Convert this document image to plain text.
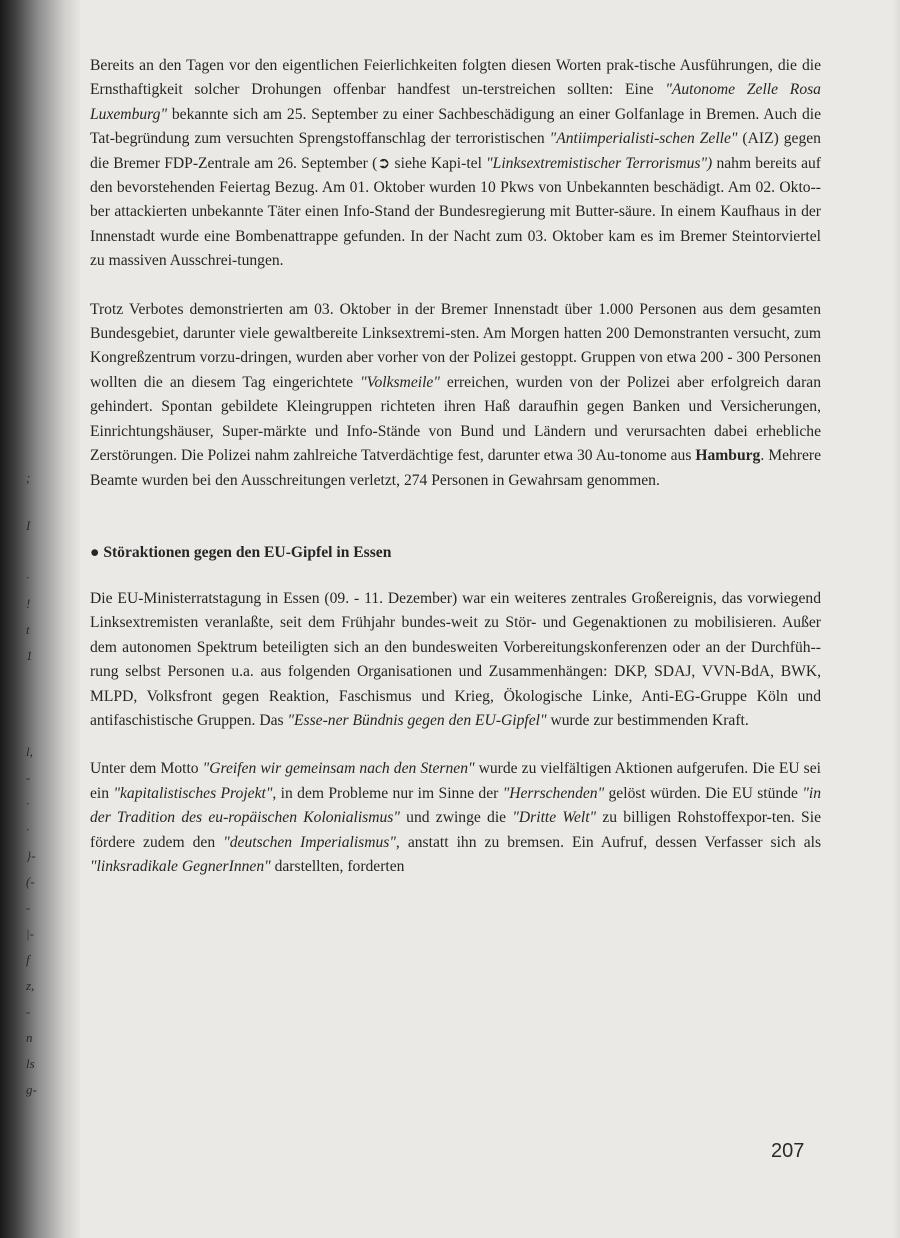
;
I
·
!
t
1
l,
-
·
·
}-
(-
-
|-
f
z,
-
n
ls
g-

Bereits an den Tagen vor den eigentlichen Feierlichkeiten folgten diesen Worten prak-tische Ausführungen, die die Ernsthaftigkeit solcher Drohungen offenbar handfest un-terstreichen sollten: Eine "Autonome Zelle Rosa Luxemburg" bekannte sich am 25. September zu einer Sachbeschädigung an einer Golfanlage in Bremen. Auch die Tat-begründung zum versuchten Sprengstoffanschlag der terroristischen "Antiimperialisti-schen Zelle" (AIZ) gegen die Bremer FDP-Zentrale am 26. September (➲ siehe Kapi-tel "Linksextremistischer Terrorismus") nahm bereits auf den bevorstehenden Feiertag Bezug. Am 01. Oktober wurden 10 Pkws von Unbekannten beschädigt. Am 02. Okto-ber attackierten unbekannte Täter einen Info-Stand der Bundesregierung mit Butter-säure. In einem Kaufhaus in der Innenstadt wurde eine Bombenattrappe gefunden. In der Nacht zum 03. Oktober kam es im Bremer Steintorviertel zu massiven Ausschrei-tungen.

Trotz Verbotes demonstrierten am 03. Oktober in der Bremer Innenstadt über 1.000 Personen aus dem gesamten Bundesgebiet, darunter viele gewaltbereite Linksextremi-sten. Am Morgen hatten 200 Demonstranten versucht, zum Kongreßzentrum vorzu-dringen, wurden aber vorher von der Polizei gestoppt. Gruppen von etwa 200 - 300 Personen wollten die an diesem Tag eingerichtete "Volksmeile" erreichen, wurden von der Polizei aber erfolgreich daran gehindert. Spontan gebildete Kleingruppen richteten ihren Haß daraufhin gegen Banken und Versicherungen, Einrichtungshäuser, Super-märkte und Info-Stände von Bund und Ländern und verursachten dabei erhebliche Zerstörungen. Die Polizei nahm zahlreiche Tatverdächtige fest, darunter etwa 30 Au-tonome aus Hamburg. Mehrere Beamte wurden bei den Ausschreitungen verletzt, 274 Personen in Gewahrsam genommen.

● Störaktionen gegen den EU-Gipfel in Essen

Die EU-Ministerratstagung in Essen (09. - 11. Dezember) war ein weiteres zentrales Großereignis, das vorwiegend Linksextremisten veranlaßte, seit dem Frühjahr bundes-weit zu Stör- und Gegenaktionen zu mobilisieren. Außer dem autonomen Spektrum beteiligten sich an den bundesweiten Vorbereitungskonferenzen oder an der Durchfüh-rung selbst Personen u.a. aus folgenden Organisationen und Zusammenhängen: DKP, SDAJ, VVN-BdA, BWK, MLPD, Volksfront gegen Reaktion, Faschismus und Krieg, Ökologische Linke, Anti-EG-Gruppe Köln und antifaschistische Gruppen. Das "Esse-ner Bündnis gegen den EU-Gipfel" wurde zur bestimmenden Kraft.

Unter dem Motto "Greifen wir gemeinsam nach den Sternen" wurde zu vielfältigen Aktionen aufgerufen. Die EU sei ein "kapitalistisches Projekt", in dem Probleme nur im Sinne der "Herrschenden" gelöst würden. Die EU stünde "in der Tradition des eu-ropäischen Kolonialismus" und zwinge die "Dritte Welt" zu billigen Rohstoffexpor-ten. Sie fördere zudem den "deutschen Imperialismus", anstatt ihn zu bremsen. Ein Aufruf, dessen Verfasser sich als "linksradikale GegnerInnen" darstellten, forderten

207
